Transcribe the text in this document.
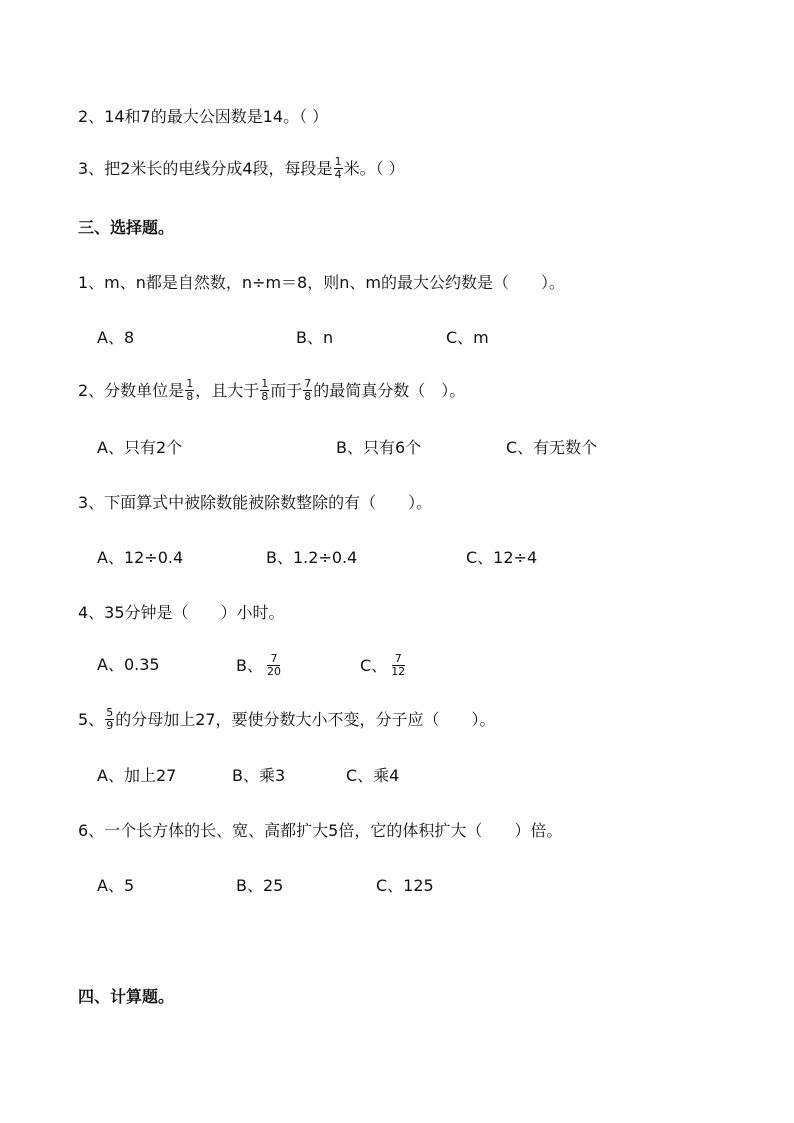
2、14和7的最大公因数是14。（ ）
3、把2米长的电线分成4段，每段是 $\frac{1}{4}$ 米。（ ）
三、选择题。
1、m、n都是自然数，n÷m＝8，则n、m的最大公约数是（　　）。
A、8	B、n	C、m
2、分数单位是 $\frac{1}{8}$ ，且大于 $\frac{1}{8}$ 而于 $\frac{7}{8}$ 的最简真分数（　）。
A、只有2个	B、只有6个	C、有无数个
3、下面算式中被除数能被除数整除的有（　　）。
A、12÷0.4	B、1.2÷0.4	C、12÷4
4、35分钟是（　　）小时。
A、0.35	B、 $\frac{7}{20}$	C、 $\frac{7}{12}$
5、 $\frac{5}{9}$ 的分母加上27，要使分数大小不变，分子应（　　）。
A、加上27	B、乘3	C、乘4
6、一个长方体的长、宽、高都扩大5倍，它的体积扩大（　　）倍。
A、5	B、25	C、125
四、计算题。
